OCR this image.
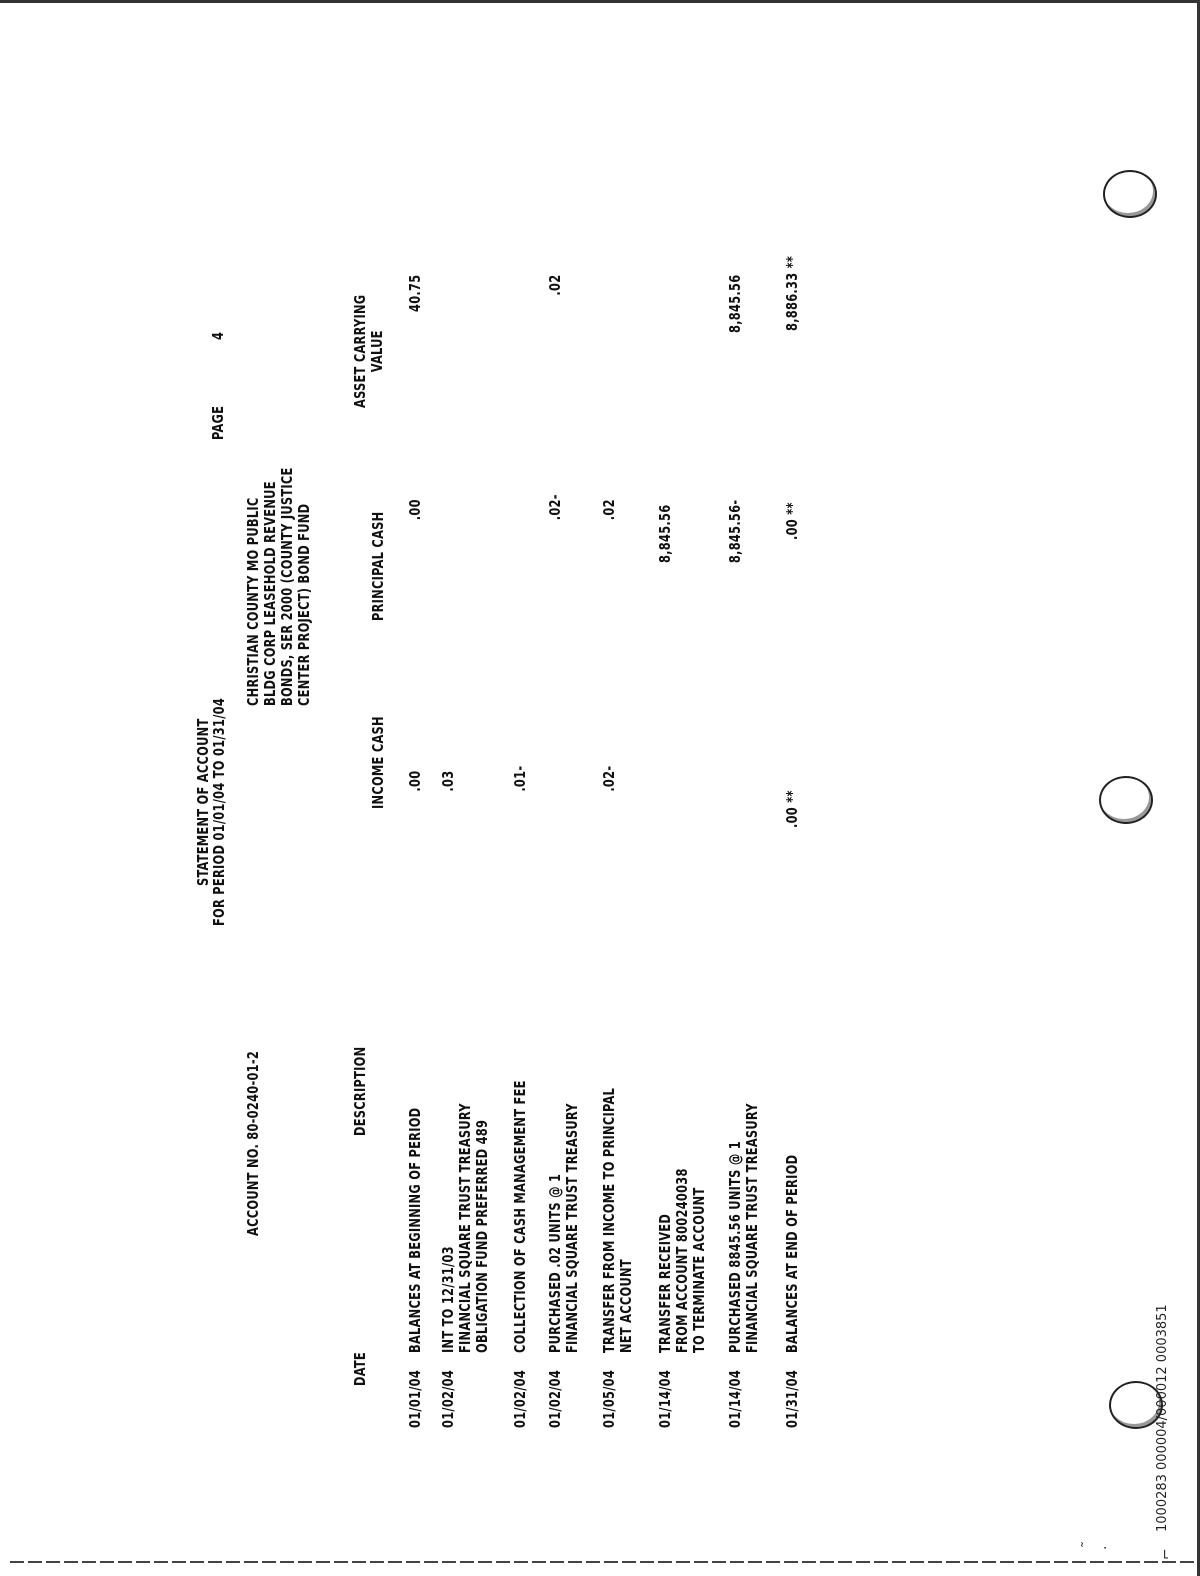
STATEMENT OF ACCOUNT
FOR PERIOD 01/01/04 TO 01/31/04
PAGE
4
ACCOUNT NO. 80-0240-01-2
CHRISTIAN COUNTY MO PUBLIC
BLDG CORP LEASEHOLD REVENUE
BONDS, SER 2000 (COUNTY JUSTICE
CENTER PROJECT) BOND FUND
DATE
DESCRIPTION
INCOME CASH
PRINCIPAL CASH
ASSET CARRYING
VALUE
01/01/04
BALANCES AT BEGINNING OF PERIOD
.00
.00
40.75
01/02/04
INT TO 12/31/03
FINANCIAL SQUARE TRUST TREASURY
OBLIGATION FUND PREFERRED 489
.03
01/02/04
COLLECTION OF CASH MANAGEMENT FEE
.01-
01/02/04
PURCHASED .02 UNITS @ 1
FINANCIAL SQUARE TRUST TREASURY
.02-
.02
01/05/04
TRANSFER FROM INCOME TO PRINCIPAL
NET ACCOUNT
.02-
.02
01/14/04
TRANSFER RECEIVED
FROM ACCOUNT 800240038
TO TERMINATE ACCOUNT
8,845.56
01/14/04
PURCHASED 8845.56 UNITS @ 1
FINANCIAL SQUARE TRUST TREASURY
8,845.56-
8,845.56
01/31/04
BALANCES AT END OF PERIOD
.00 **
.00 **
8,886.33 **
1000283 000004/000012 0003851
⌐
·
˜
